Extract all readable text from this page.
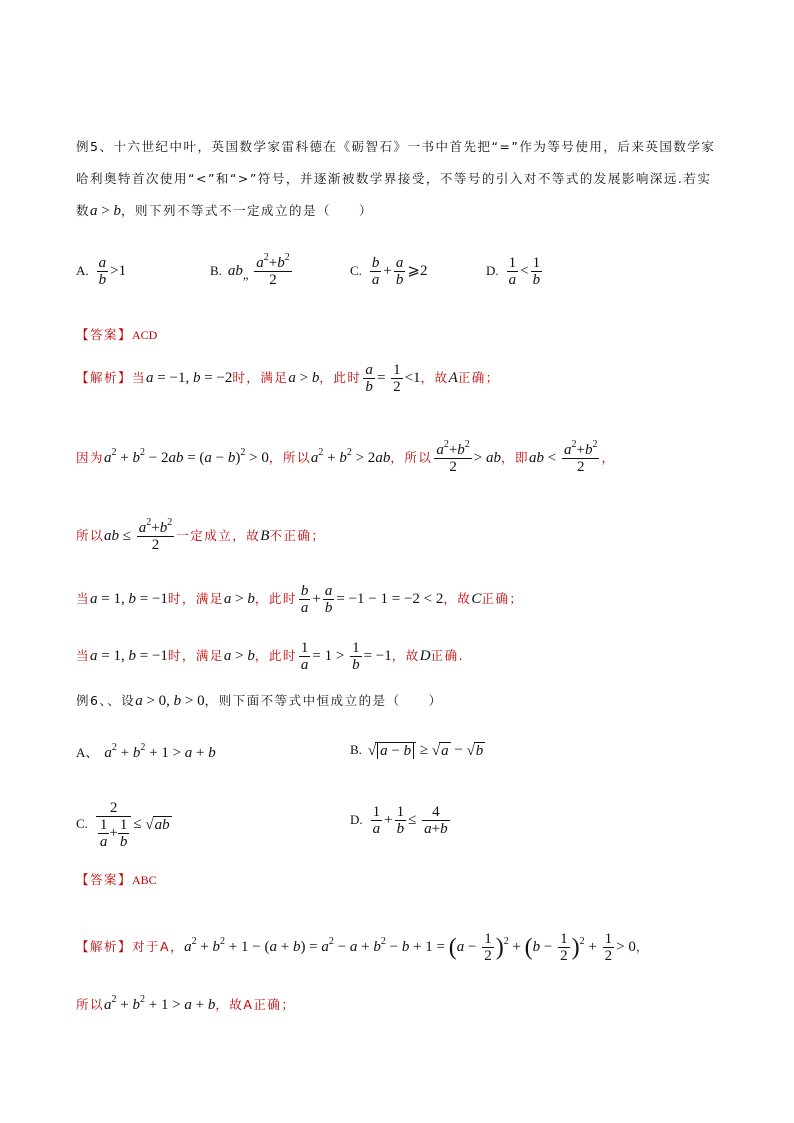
例5、十六世纪中叶，英国数学家雷科德在《砺智石》一书中首先把“=”作为等号使用，后来英国数学家
哈利奥特首次使用“<”和“>”符号，并逐渐被数学界接受，不等号的引入对不等式的发展影响深远.若实
数a > b，则下列不等式不一定成立的是（　　）
A. $\frac{a}{b} >1$	B. $ab_„ \frac{a^2+b^2}{2}$	C. $\frac{b}{a} + \frac{a}{b}$ ⩾2	D. $\frac{1}{a} < \frac{1}{b}$
【答案】ACD
【解析】当a = −1, b = −2时，满足a > b，此时 $\frac{a}{b} = \frac{1}{2} <1$，故A正确；
因为$a^2 + b^2 - 2ab = (a - b)^2 > 0$，所以$a^2 + b^2 > 2ab$，所以 $\frac{a^2+b^2}{2}$ > ab，即ab < $\frac{a^2+b^2}{2}$ ，
所以ab ≤ $\frac{a^2+b^2}{2}$ 一定成立，故B不正确；
当a = 1, b = −1时，满足a > b，此时 $\frac{b}{a} + \frac{a}{b} = -1 - 1 = -2 < 2$，故C正确；
当a = 1, b = −1时，满足a > b，此时 $\frac{1}{a} = 1 > \frac{1}{b} = -1$，故D正确.
例6、、设a > 0, b > 0，则下面不等式中恒成立的是（　　）
A、 $a^2 + b^2 + 1 > a + b$	B. √ a − b ≥ √a − √b
C. $\frac{2}{\frac{1}{a} + \frac{1}{b}} \le √ab$	D. $\frac{1}{a} + \frac{1}{b} \le \frac{4}{a+b}$
【答案】ABC
【解析】对于A，$a^2 + b^2 + 1 - (a + b) = a^2 - a + b^2 - b + 1 = (a - \frac{1}{2} )^2 + (b - \frac{1}{2} )^2 + \frac{1}{2} > 0$，
所以$a^2 + b^2 + 1 > a + b$，故A正确；
